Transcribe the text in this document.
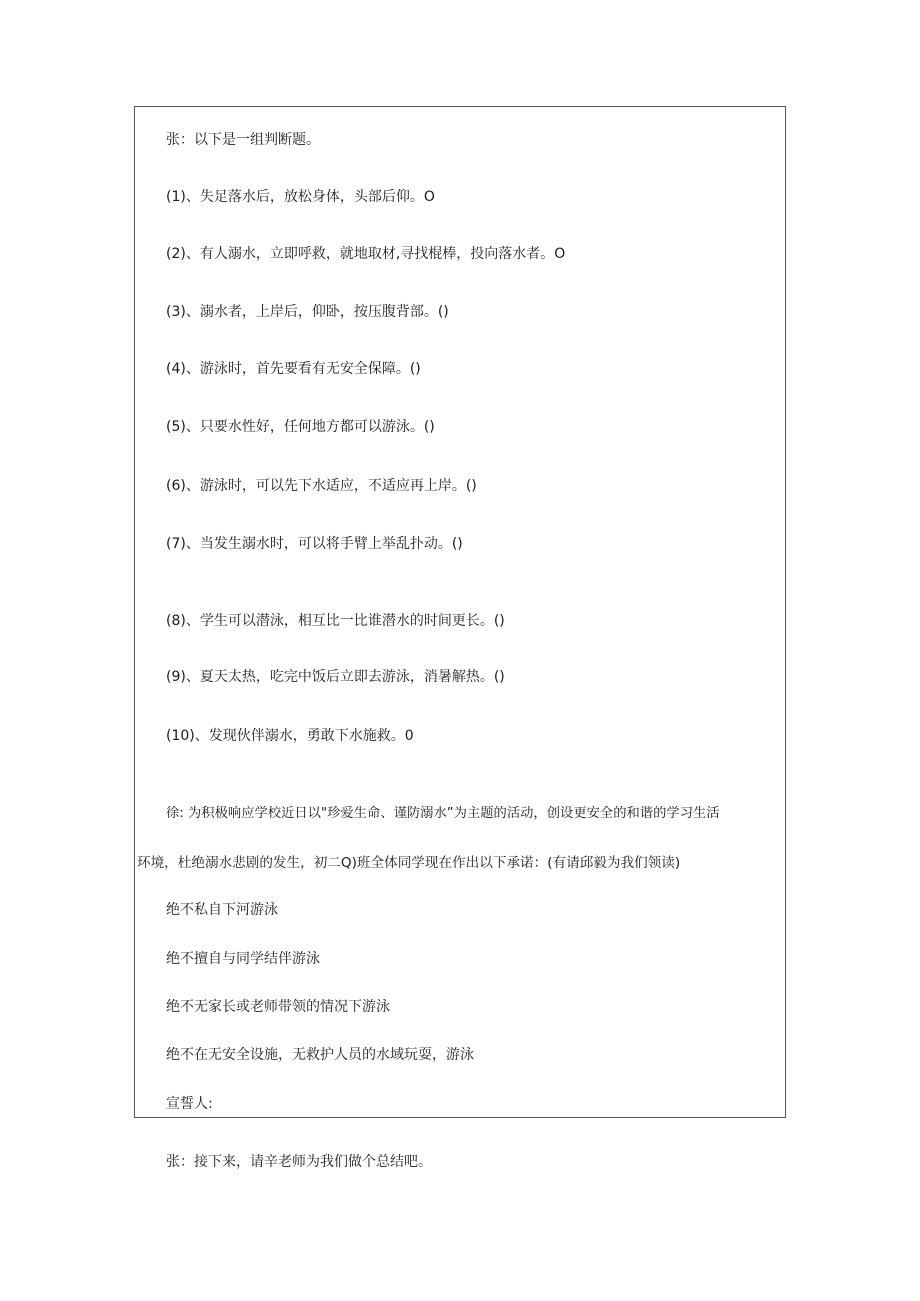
张：以下是一组判断题。
(1)、失足落水后，放松身体，头部后仰。O
(2)、有人溺水，立即呼救，就地取材,寻找棍棒，投向落水者。O
(3)、溺水者，上岸后，仰卧，按压腹背部。()
(4)、游泳时，首先要看有无安全保障。()
(5)、只要水性好，任何地方都可以游泳。()
(6)、游泳时，可以先下水适应，不适应再上岸。()
(7)、当发生溺水时，可以将手臂上举乱扑动。()
(8)、学生可以潜泳，相互比一比谁潜水的时间更长。()
(9)、夏天太热，吃完中饭后立即去游泳，消暑解热。()
(10)、发现伙伴溺水，勇敢下水施救。0
徐: 为积极响应学校近日以"珍爱生命、谨防溺水”为主题的活动，创设更安全的和谐的学习生活
环境，杜绝溺水悲剧的发生，初二Q)班全体同学现在作出以下承诺：(有请邱毅为我们领读)
绝不私自下河游泳
绝不擅自与同学结伴游泳
绝不无家长或老师带领的情况下游泳
绝不在无安全设施，无救护人员的水域玩耍，游泳
宣誓人:
张：接下来，请辛老师为我们做个总结吧。
